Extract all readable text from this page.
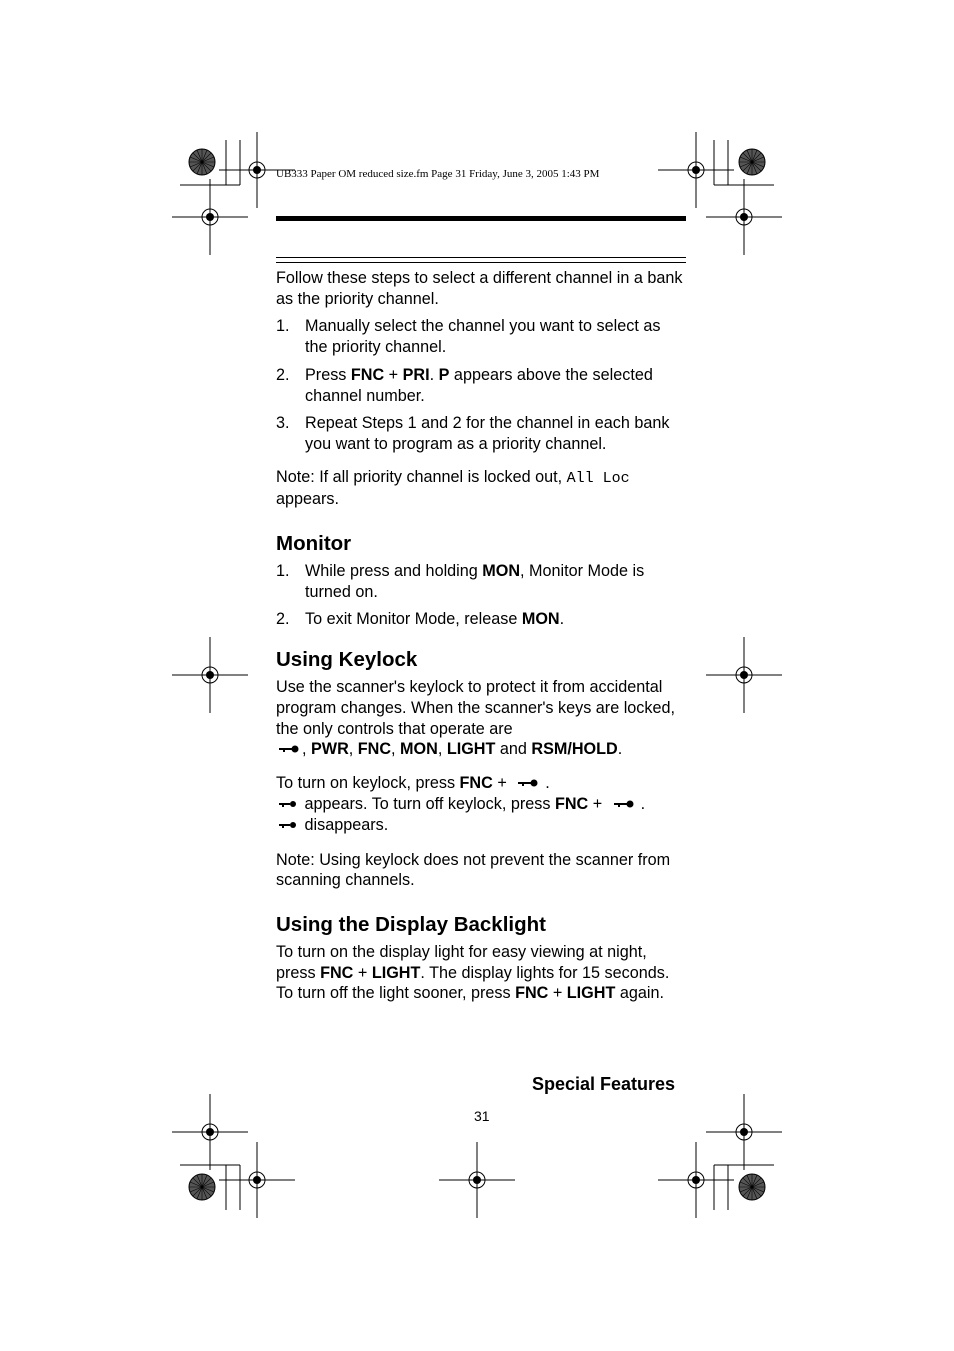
UB333 Paper OM reduced size.fm Page 31 Friday, June 3, 2005 1:43 PM

Follow these steps to select a different channel in a bank as the priority channel.

1. Manually select the channel you want to select as the priority channel.
2. Press FNC + PRI. P appears above the selected channel number.
3. Repeat Steps 1 and 2 for the channel in each bank you want to program as a priority channel.

Note: If all priority channel is locked out, All Loc
appears.

Monitor
1. While press and holding MON, Monitor Mode is turned on.
2. To exit Monitor Mode, release MON.
Using Keylock

Use the scanner's keylock to protect it from accidental program changes. When the scanner's keys are locked, the only controls that operate are
, PWR, FNC, MON, LIGHT and RSM/HOLD.

To turn on keylock, press FNC + .
appears. To turn off keylock, press FNC + .
disappears.

Note: Using keylock does not prevent the scanner from scanning channels.

Using the Display Backlight

To turn on the display light for easy viewing at night, press FNC + LIGHT. The display lights for 15 seconds. To turn off the light sooner, press FNC + LIGHT again.

Special Features
31
